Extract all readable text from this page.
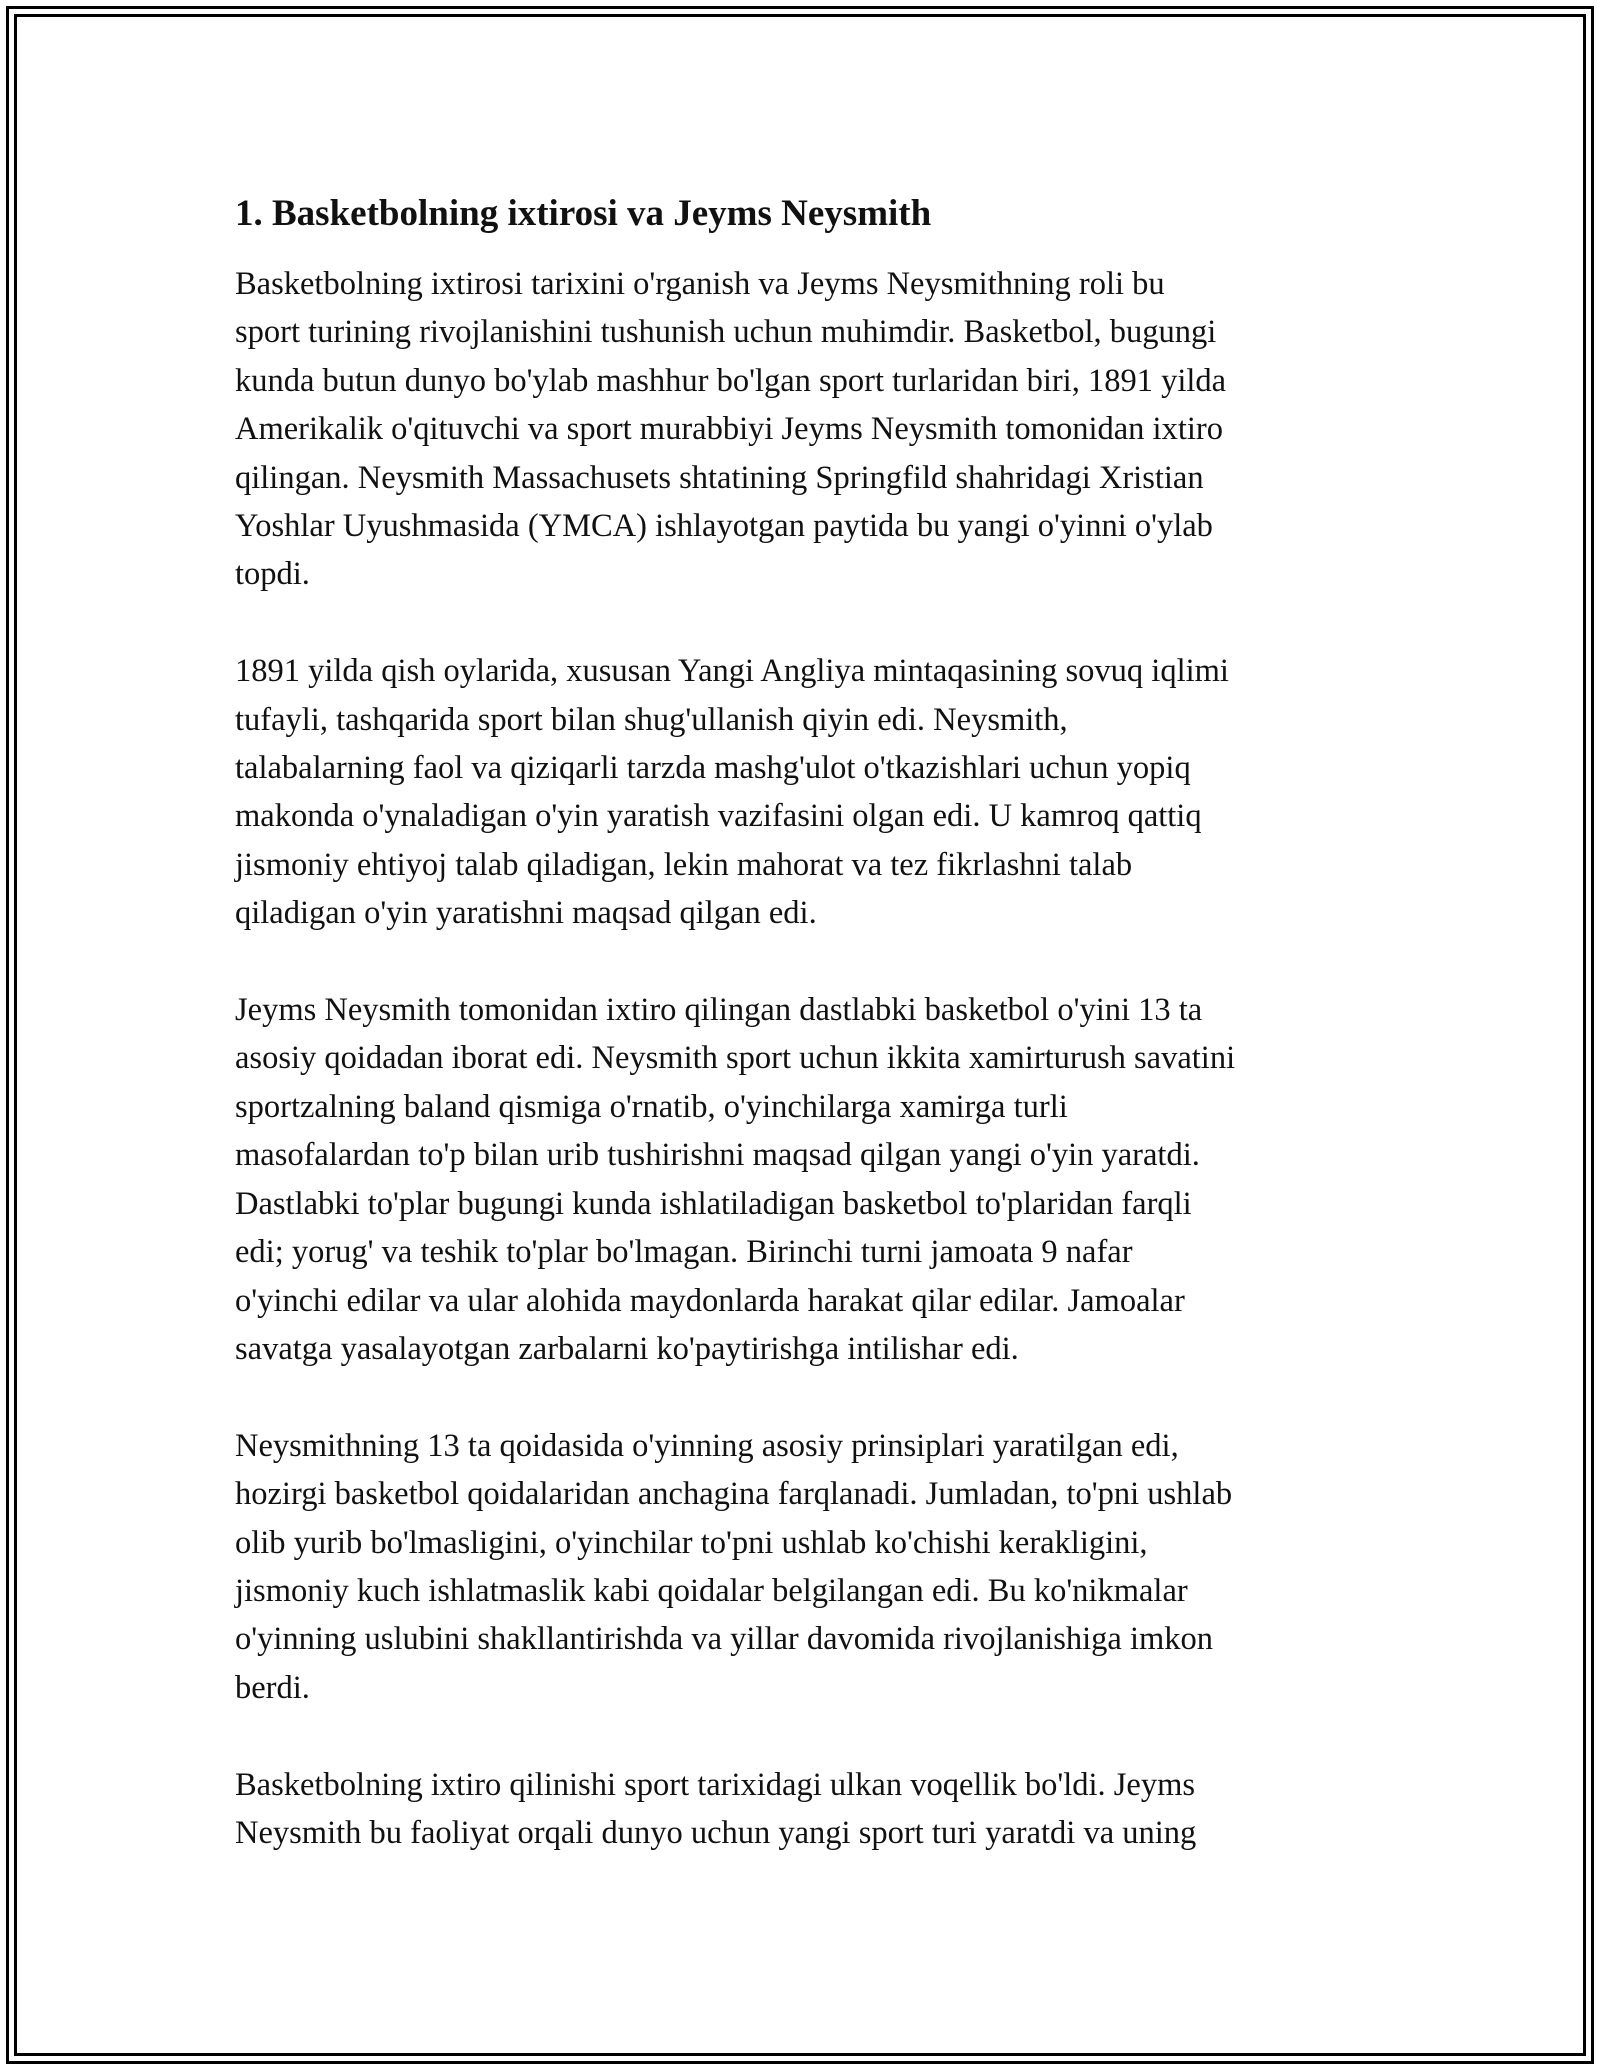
1. Basketbolning ixtirosi va Jeyms Neysmith

Basketbolning ixtirosi tarixini o'rganish va Jeyms Neysmithning roli bu
sport turining rivojlanishini tushunish uchun muhimdir. Basketbol, bugungi
kunda butun dunyo bo'ylab mashhur bo'lgan sport turlaridan biri, 1891 yilda
Amerikalik o'qituvchi va sport murabbiyi Jeyms Neysmith tomonidan ixtiro
qilingan. Neysmith Massachusets shtatining Springfild shahridagi Xristian
Yoshlar Uyushmasida (YMCA) ishlayotgan paytida bu yangi o'yinni o'ylab
topdi.

1891 yilda qish oylarida, xususan Yangi Angliya mintaqasining sovuq iqlimi
tufayli, tashqarida sport bilan shug'ullanish qiyin edi. Neysmith,
talabalarning faol va qiziqarli tarzda mashg'ulot o'tkazishlari uchun yopiq
makonda o'ynaladigan o'yin yaratish vazifasini olgan edi. U kamroq qattiq
jismoniy ehtiyoj talab qiladigan, lekin mahorat va tez fikrlashni talab
qiladigan o'yin yaratishni maqsad qilgan edi.

Jeyms Neysmith tomonidan ixtiro qilingan dastlabki basketbol o'yini 13 ta
asosiy qoidadan iborat edi. Neysmith sport uchun ikkita xamirturush savatini
sportzalning baland qismiga o'rnatib, o'yinchilarga xamirga turli
masofalardan to'p bilan urib tushirishni maqsad qilgan yangi o'yin yaratdi.
Dastlabki to'plar bugungi kunda ishlatiladigan basketbol to'plaridan farqli
edi; yorug' va teshik to'plar bo'lmagan. Birinchi turni jamoata 9 nafar
o'yinchi edilar va ular alohida maydonlarda harakat qilar edilar. Jamoalar
savatga yasalayotgan zarbalarni ko'paytirishga intilishar edi.

Neysmithning 13 ta qoidasida o'yinning asosiy prinsiplari yaratilgan edi,
hozirgi basketbol qoidalaridan anchagina farqlanadi. Jumladan, to'pni ushlab
olib yurib bo'lmasligini, o'yinchilar to'pni ushlab ko'chishi kerakligini,
jismoniy kuch ishlatmaslik kabi qoidalar belgilangan edi. Bu ko'nikmalar
o'yinning uslubini shakllantirishda va yillar davomida rivojlanishiga imkon
berdi.

Basketbolning ixtiro qilinishi sport tarixidagi ulkan voqellik bo'ldi. Jeyms
Neysmith bu faoliyat orqali dunyo uchun yangi sport turi yaratdi va uning
